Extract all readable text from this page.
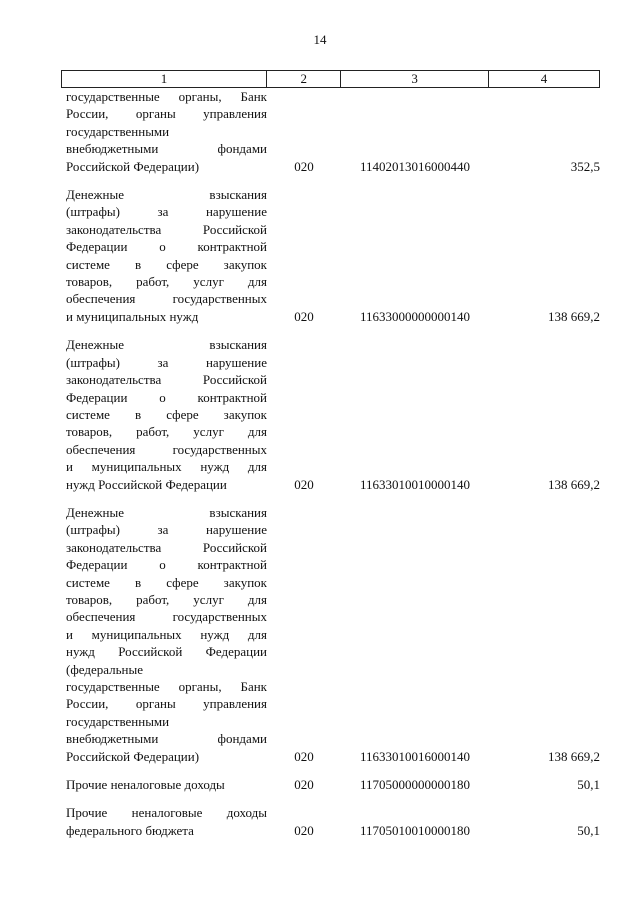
14
1	2	3	4
государственные органы, Банк
России, органы управления
государственными
внебюджетными фондами
Российской Федерации)	020	11402013016000440	352,5
Денежные взыскания
(штрафы) за нарушение
законодательства Российской
Федерации о контрактной
системе в сфере закупок
товаров, работ, услуг для
обеспечения государственных
и муниципальных нужд	020	11633000000000140	138 669,2
Денежные взыскания
(штрафы) за нарушение
законодательства Российской
Федерации о контрактной
системе в сфере закупок
товаров, работ, услуг для
обеспечения государственных
и муниципальных нужд для
нужд Российской Федерации	020	11633010010000140	138 669,2
Денежные взыскания
(штрафы) за нарушение
законодательства Российской
Федерации о контрактной
системе в сфере закупок
товаров, работ, услуг для
обеспечения государственных
и муниципальных нужд для
нужд Российской Федерации
(федеральные
государственные органы, Банк
России, органы управления
государственными
внебюджетными фондами
Российской Федерации)	020	11633010016000140	138 669,2
Прочие неналоговые доходы	020	11705000000000180	50,1
Прочие неналоговые доходы
федерального бюджета	020	11705010010000180	50,1
